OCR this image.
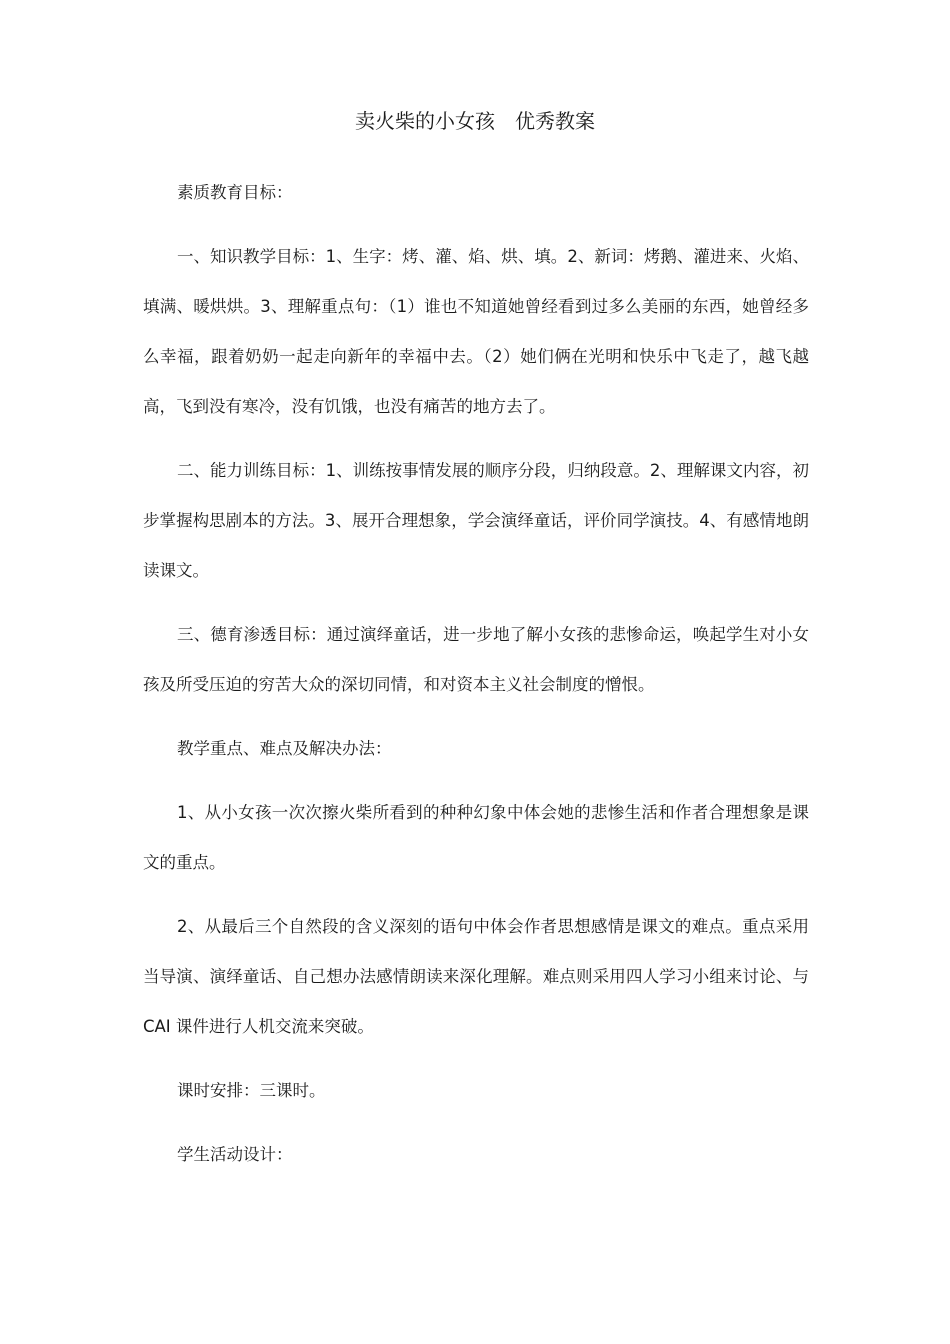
卖火柴的小女孩　优秀教案

素质教育目标：

一、知识教学目标：1、生字：烤、灌、焰、烘、填。2、新词：烤鹅、灌进来、火焰、填满、暖烘烘。3、理解重点句：（1）谁也不知道她曾经看到过多么美丽的东西，她曾经多么幸福，跟着奶奶一起走向新年的幸福中去。（2）她们俩在光明和快乐中飞走了，越飞越高，飞到没有寒冷，没有饥饿，也没有痛苦的地方去了。

二、能力训练目标：1、训练按事情发展的顺序分段，归纳段意。2、理解课文内容，初步掌握构思剧本的方法。3、展开合理想象，学会演绎童话，评价同学演技。4、有感情地朗读课文。

三、德育渗透目标：通过演绎童话，进一步地了解小女孩的悲惨命运，唤起学生对小女孩及所受压迫的穷苦大众的深切同情，和对资本主义社会制度的憎恨。

教学重点、难点及解决办法：

1、从小女孩一次次擦火柴所看到的种种幻象中体会她的悲惨生活和作者合理想象是课文的重点。

2、从最后三个自然段的含义深刻的语句中体会作者思想感情是课文的难点。重点采用当导演、演绎童话、自己想办法感情朗读来深化理解。难点则采用四人学习小组来讨论、与 CAI 课件进行人机交流来突破。

课时安排：三课时。

学生活动设计：
